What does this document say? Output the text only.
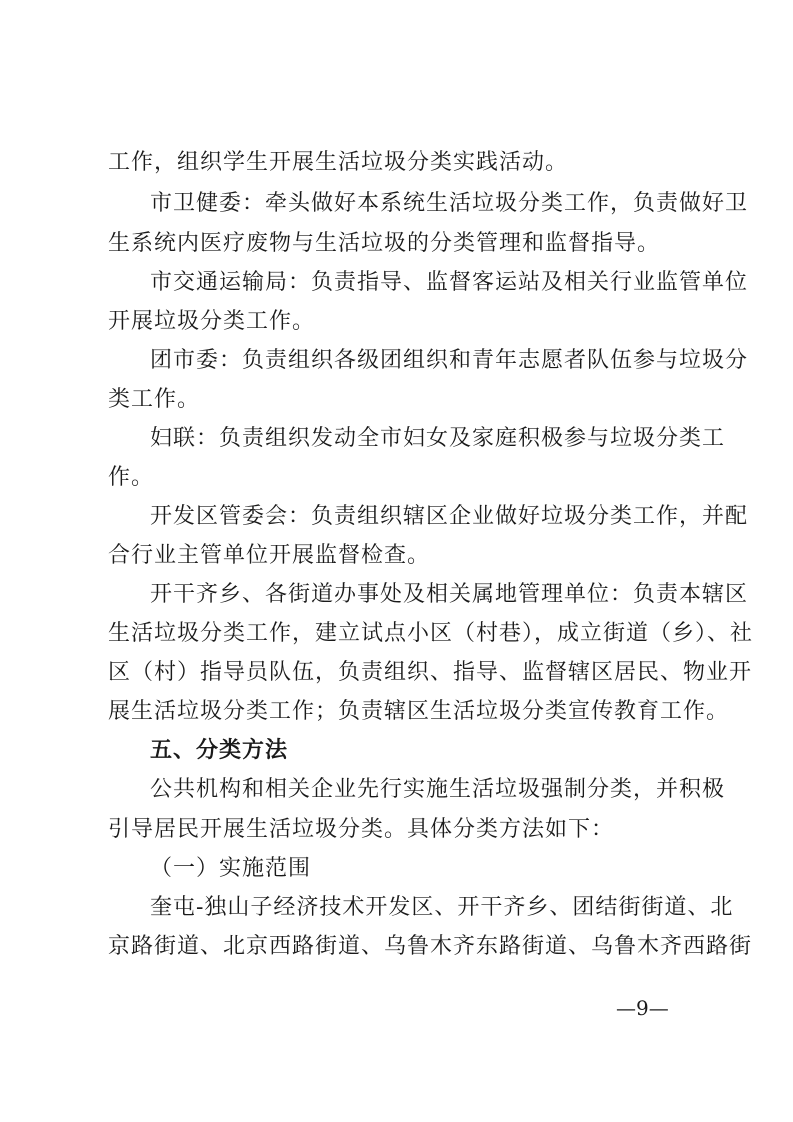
工作，组织学生开展生活垃圾分类实践活动。
市卫健委：牵头做好本系统生活垃圾分类工作，负责做好卫
生系统内医疗废物与生活垃圾的分类管理和监督指导。
市交通运输局：负责指导、监督客运站及相关行业监管单位
开展垃圾分类工作。
团市委：负责组织各级团组织和青年志愿者队伍参与垃圾分
类工作。
妇联：负责组织发动全市妇女及家庭积极参与垃圾分类工
作。
开发区管委会：负责组织辖区企业做好垃圾分类工作，并配
合行业主管单位开展监督检查。
开干齐乡、各街道办事处及相关属地管理单位：负责本辖区
生活垃圾分类工作，建立试点小区（村巷），成立街道（乡）、社
区（村）指导员队伍，负责组织、指导、监督辖区居民、物业开
展生活垃圾分类工作；负责辖区生活垃圾分类宣传教育工作。
五、分类方法
公共机构和相关企业先行实施生活垃圾强制分类，并积极
引导居民开展生活垃圾分类。具体分类方法如下：
（一）实施范围
奎屯-独山子经济技术开发区、开干齐乡、团结街街道、北
京路街道、北京西路街道、乌鲁木齐东路街道、乌鲁木齐西路街
—9—
